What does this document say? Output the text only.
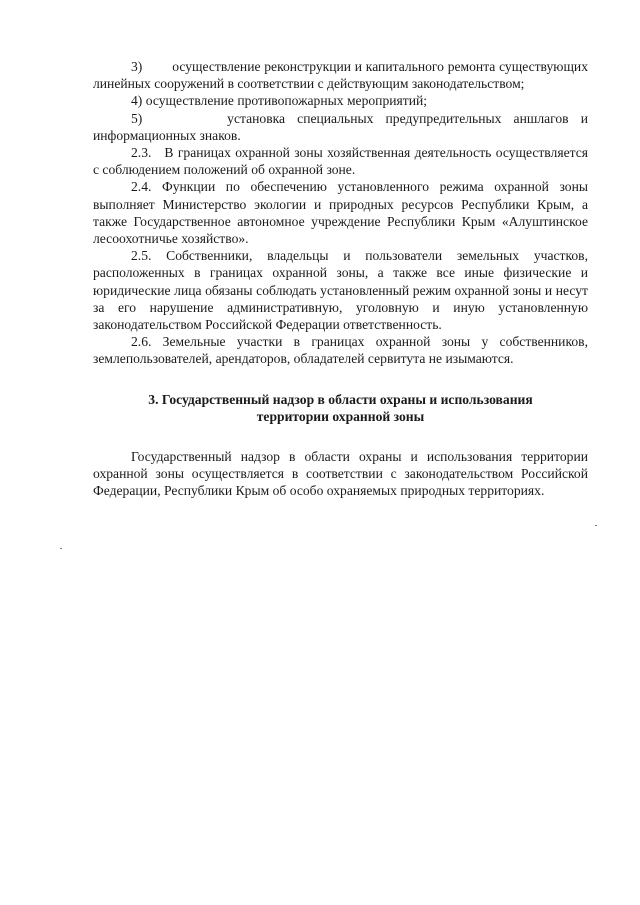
3)        осуществление реконструкции и капитального ремонта существующих линейных сооружений в соответствии с действующим законодательством;

4) осуществление противопожарных мероприятий;

5)       установка специальных предупредительных аншлагов и информационных знаков.

2.3.   В границах охранной зоны хозяйственная деятельность осуществляется с соблюдением положений об охранной зоне.

2.4. Функции по обеспечению установленного режима охранной зоны выполняет Министерство экологии и природных ресурсов Республики Крым, а также Государственное автономное учреждение Республики Крым «Алуштинское лесоохотничье хозяйство».

2.5. Собственники, владельцы и пользователи земельных участков, расположенных в границах охранной зоны, а также все иные физические и юридические лица обязаны соблюдать установленный режим охранной зоны и несут за его нарушение административную, уголовную и иную установленную законодательством Российской Федерации ответственность.

2.6. Земельные участки в границах охранной зоны у собственников, землепользователей, арендаторов, обладателей сервитута не изымаются.

3. Государственный надзор в области охраны и использования
территории охранной зоны

Государственный надзор в области охраны и использования территории охранной зоны осуществляется в соответствии с законодательством Российской Федерации, Республики Крым об особо охраняемых природных территориях.
